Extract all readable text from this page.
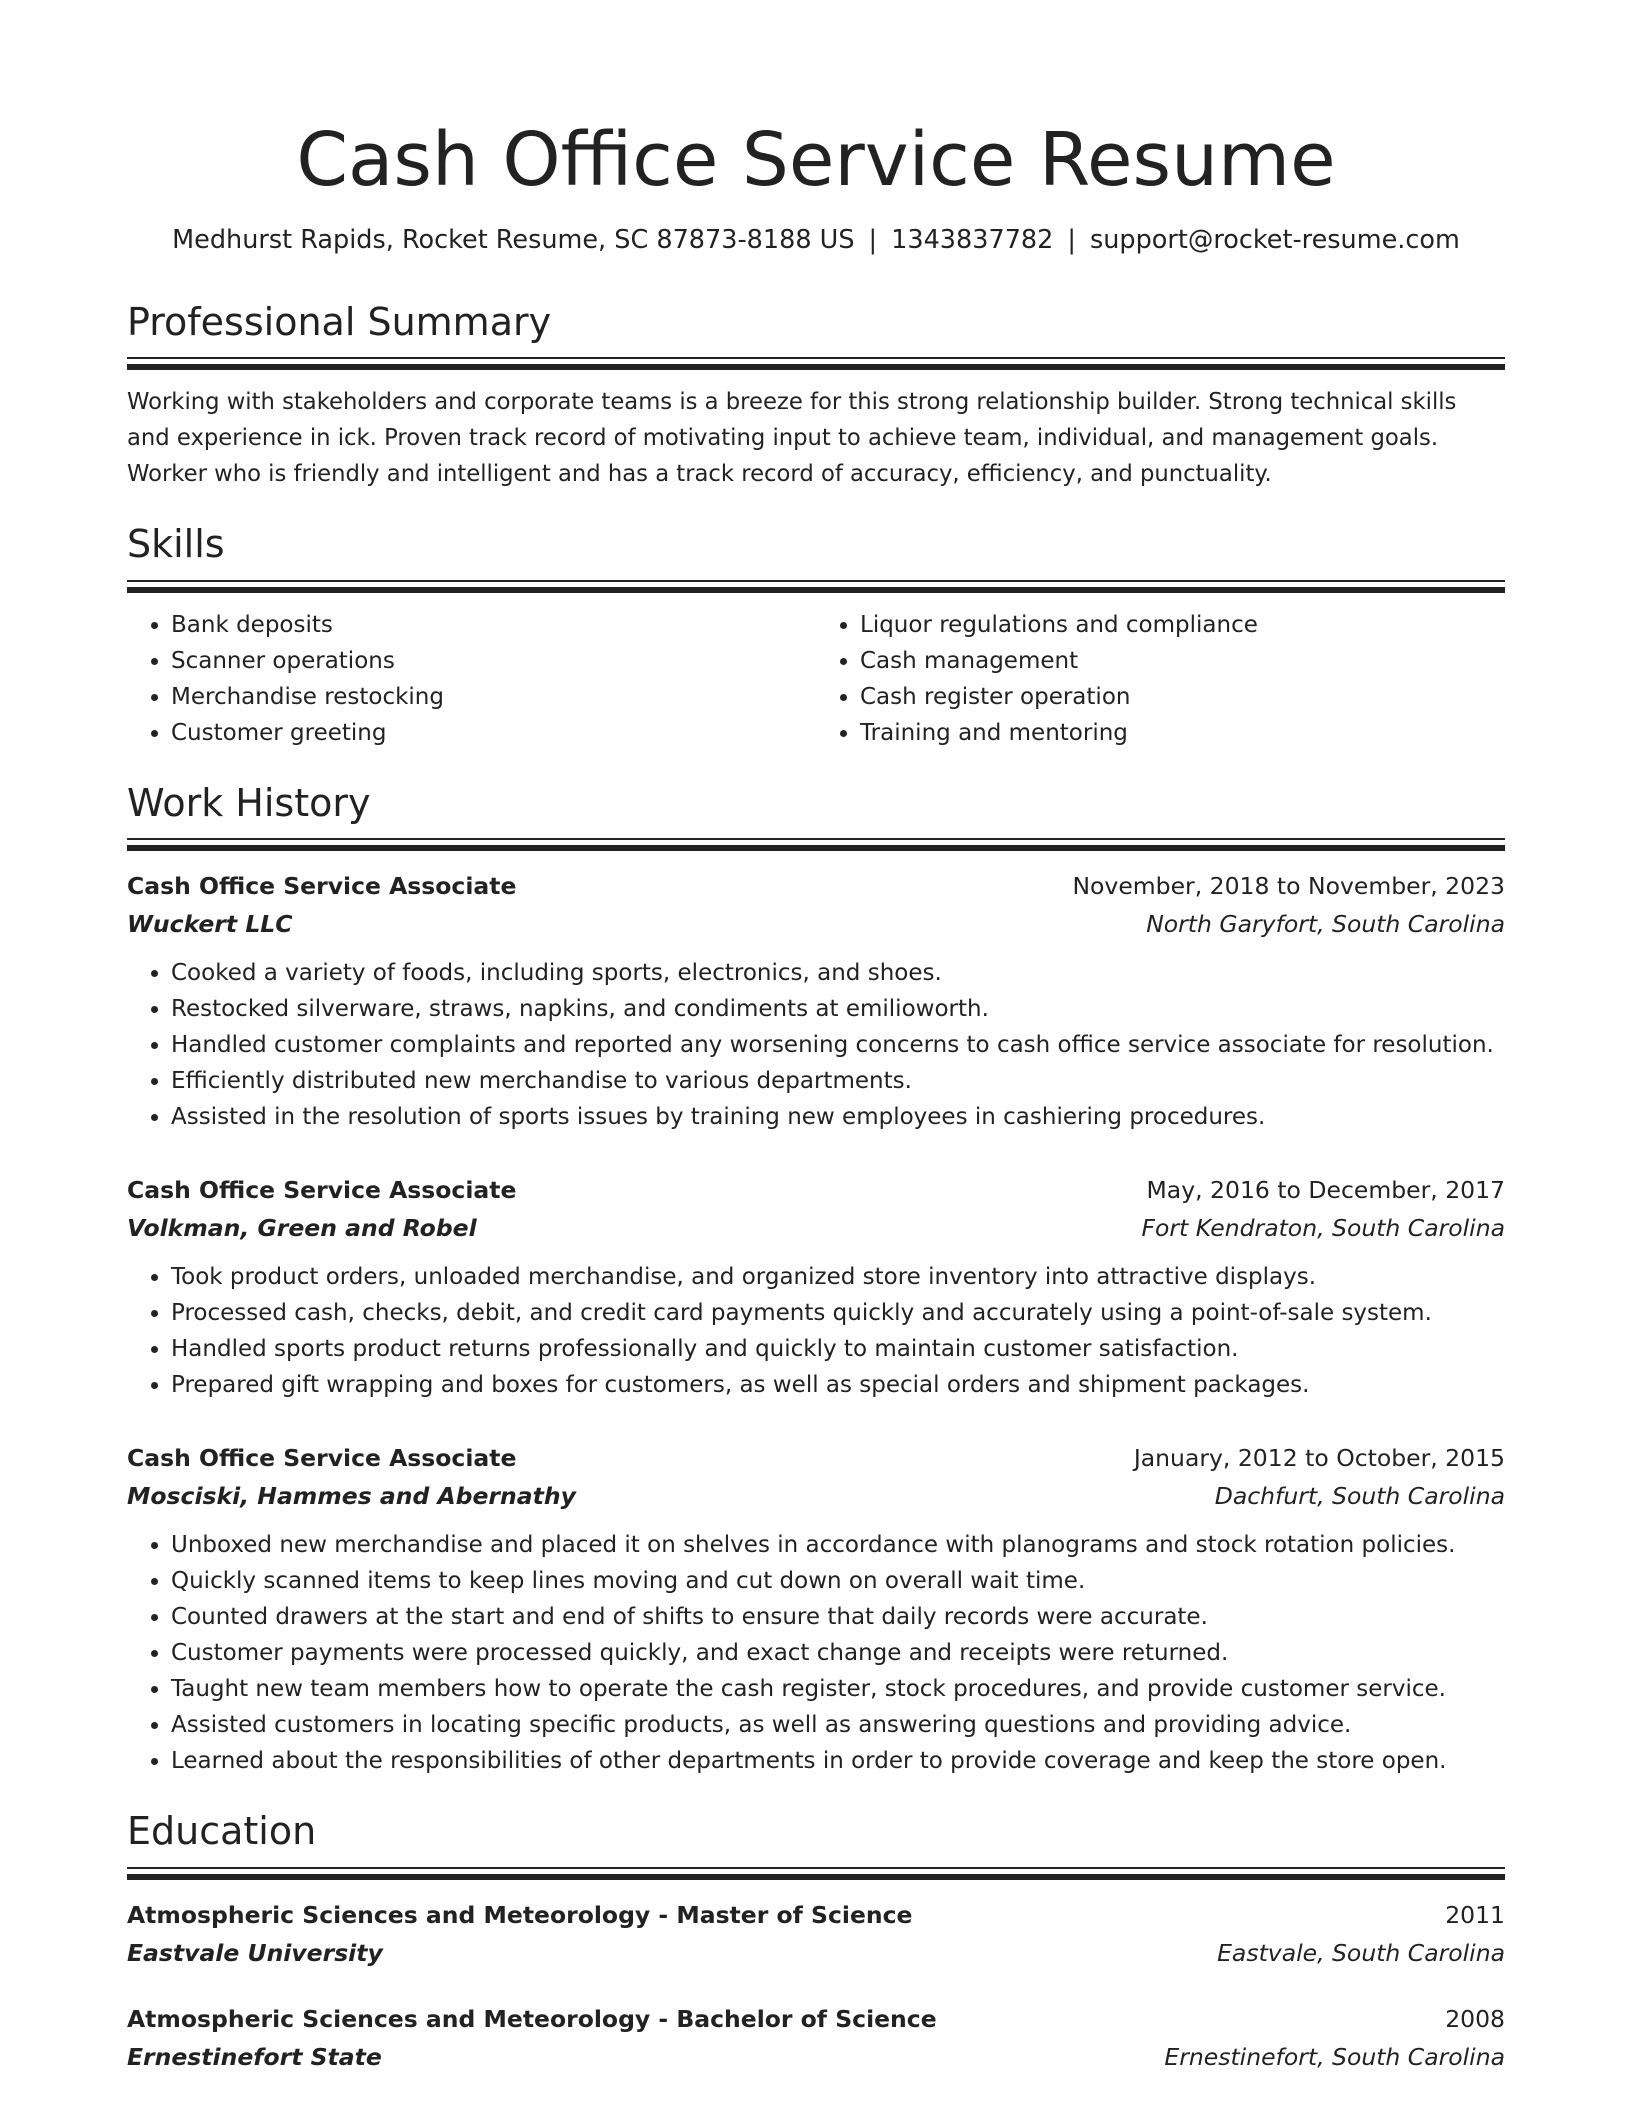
Cash Office Service Resume
Medhurst Rapids, Rocket Resume, SC 87873-8188 US | 1343837782 | support@rocket-resume.com
Professional Summary

Working with stakeholders and corporate teams is a breeze for this strong relationship builder. Strong technical skills and experience in ick. Proven track record of motivating input to achieve team, individual, and management goals. Worker who is friendly and intelligent and has a track record of accuracy, efficiency, and punctuality.

Skills
• Bank deposits
• Scanner operations
• Merchandise restocking
• Customer greeting
• Liquor regulations and compliance
• Cash management
• Cash register operation
• Training and mentoring
Work History
Cash Office Service Associate	November, 2018 to November, 2023
Wuckert LLC	North Garyfort, South Carolina
• Cooked a variety of foods, including sports, electronics, and shoes.
• Restocked silverware, straws, napkins, and condiments at emilioworth.
• Handled customer complaints and reported any worsening concerns to cash office service associate for resolution.
• Efficiently distributed new merchandise to various departments.
• Assisted in the resolution of sports issues by training new employees in cashiering procedures.
Cash Office Service Associate	May, 2016 to December, 2017
Volkman, Green and Robel	Fort Kendraton, South Carolina
• Took product orders, unloaded merchandise, and organized store inventory into attractive displays.
• Processed cash, checks, debit, and credit card payments quickly and accurately using a point-of-sale system.
• Handled sports product returns professionally and quickly to maintain customer satisfaction.
• Prepared gift wrapping and boxes for customers, as well as special orders and shipment packages.
Cash Office Service Associate	January, 2012 to October, 2015
Mosciski, Hammes and Abernathy	Dachfurt, South Carolina
• Unboxed new merchandise and placed it on shelves in accordance with planograms and stock rotation policies.
• Quickly scanned items to keep lines moving and cut down on overall wait time.
• Counted drawers at the start and end of shifts to ensure that daily records were accurate.
• Customer payments were processed quickly, and exact change and receipts were returned.
• Taught new team members how to operate the cash register, stock procedures, and provide customer service.
• Assisted customers in locating specific products, as well as answering questions and providing advice.
• Learned about the responsibilities of other departments in order to provide coverage and keep the store open.
Education
Atmospheric Sciences and Meteorology - Master of Science	2011
Eastvale University	Eastvale, South Carolina
Atmospheric Sciences and Meteorology - Bachelor of Science	2008
Ernestinefort State	Ernestinefort, South Carolina
